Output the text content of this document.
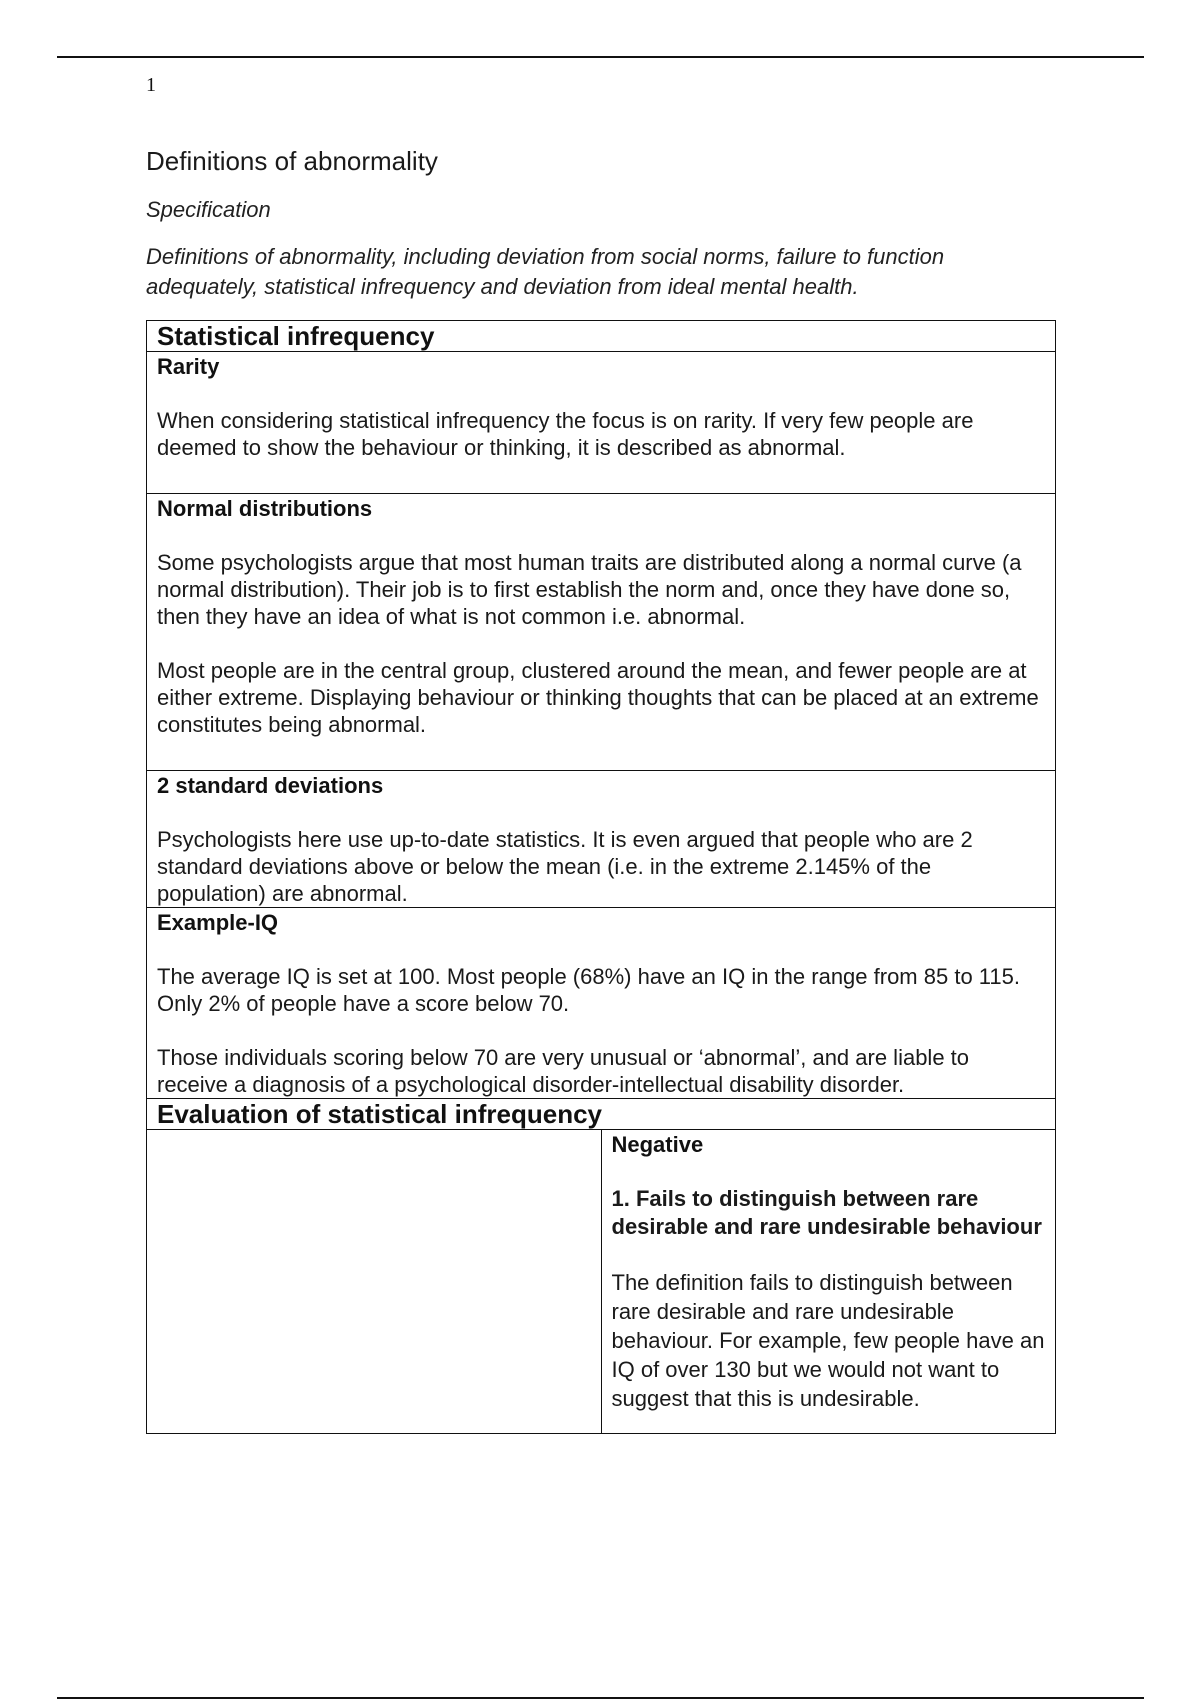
1
Definitions of abnormality
Specification
Definitions of abnormality, including deviation from social norms, failure to function adequately, statistical infrequency and deviation from ideal mental health.
Statistical infrequency

Rarity
When considering statistical infrequency the focus is on rarity. If very few people are deemed to show the behaviour or thinking, it is described as abnormal.

Normal distributions
Some psychologists argue that most human traits are distributed along a normal curve (a normal distribution). Their job is to first establish the norm and, once they have done so, then they have an idea of what is not common i.e. abnormal.
Most people are in the central group, clustered around the mean, and fewer people are at either extreme. Displaying behaviour or thinking thoughts that can be placed at an extreme constitutes being abnormal.

2 standard deviations
Psychologists here use up-to-date statistics. It is even argued that people who are 2 standard deviations above or below the mean (i.e. in the extreme 2.145% of the population) are abnormal.

Example-IQ
The average IQ is set at 100. Most people (68%) have an IQ in the range from 85 to 115. Only 2% of people have a score below 70.
Those individuals scoring below 70 are very unusual or ‘abnormal’, and are liable to receive a diagnosis of a psychological disorder-intellectual disability disorder.

Evaluation of statistical infrequency

Negative
1. Fails to distinguish between rare desirable and rare undesirable behaviour
The definition fails to distinguish between rare desirable and rare undesirable behaviour. For example, few people have an IQ of over 130 but we would not want to suggest that this is undesirable.
